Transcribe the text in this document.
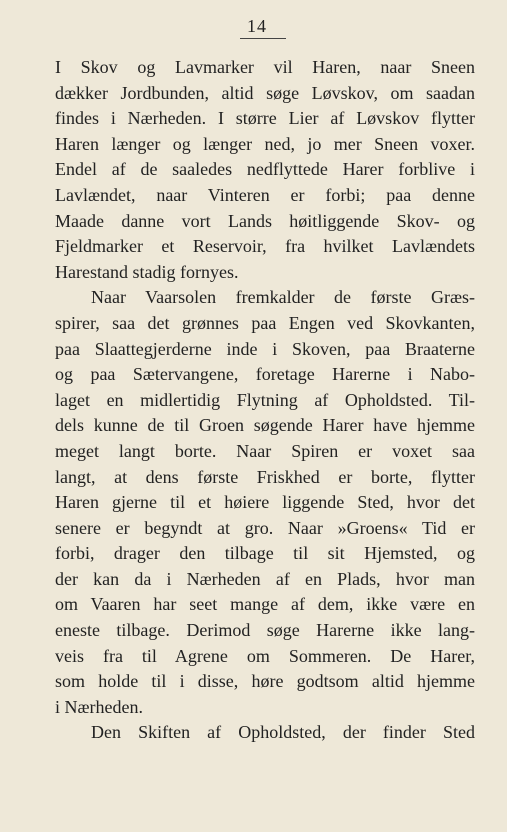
14
I Skov og Lavmarker vil Haren, naar Sneen
dækker Jordbunden, altid søge Løvskov, om saadan
findes i Nærheden. I større Lier af Løvskov flytter
Haren længer og længer ned, jo mer Sneen voxer.
Endel af de saaledes nedflyttede Harer forblive i
Lavlændet, naar Vinteren er forbi; paa denne
Maade danne vort Lands høitliggende Skov- og
Fjeldmarker et Reservoir, fra hvilket Lavlændets
Harestand stadig fornyes.
Naar Vaarsolen fremkalder de første Græs-
spirer, saa det grønnes paa Engen ved Skovkanten,
paa Slaattegjerderne inde i Skoven, paa Braaterne
og paa Sætervangene, foretage Harerne i Nabo-
laget en midlertidig Flytning af Opholdsted. Til-
dels kunne de til Groen søgende Harer have hjemme
meget langt borte. Naar Spiren er voxet saa
langt, at dens første Friskhed er borte, flytter
Haren gjerne til et høiere liggende Sted, hvor det
senere er begyndt at gro. Naar »Groens« Tid er
forbi, drager den tilbage til sit Hjemsted, og
der kan da i Nærheden af en Plads, hvor man
om Vaaren har seet mange af dem, ikke være en
eneste tilbage. Derimod søge Harerne ikke lang-
veis fra til Agrene om Sommeren. De Harer,
som holde til i disse, høre godtsom altid hjemme
i Nærheden.
Den Skiften af Opholdsted, der finder Sted
